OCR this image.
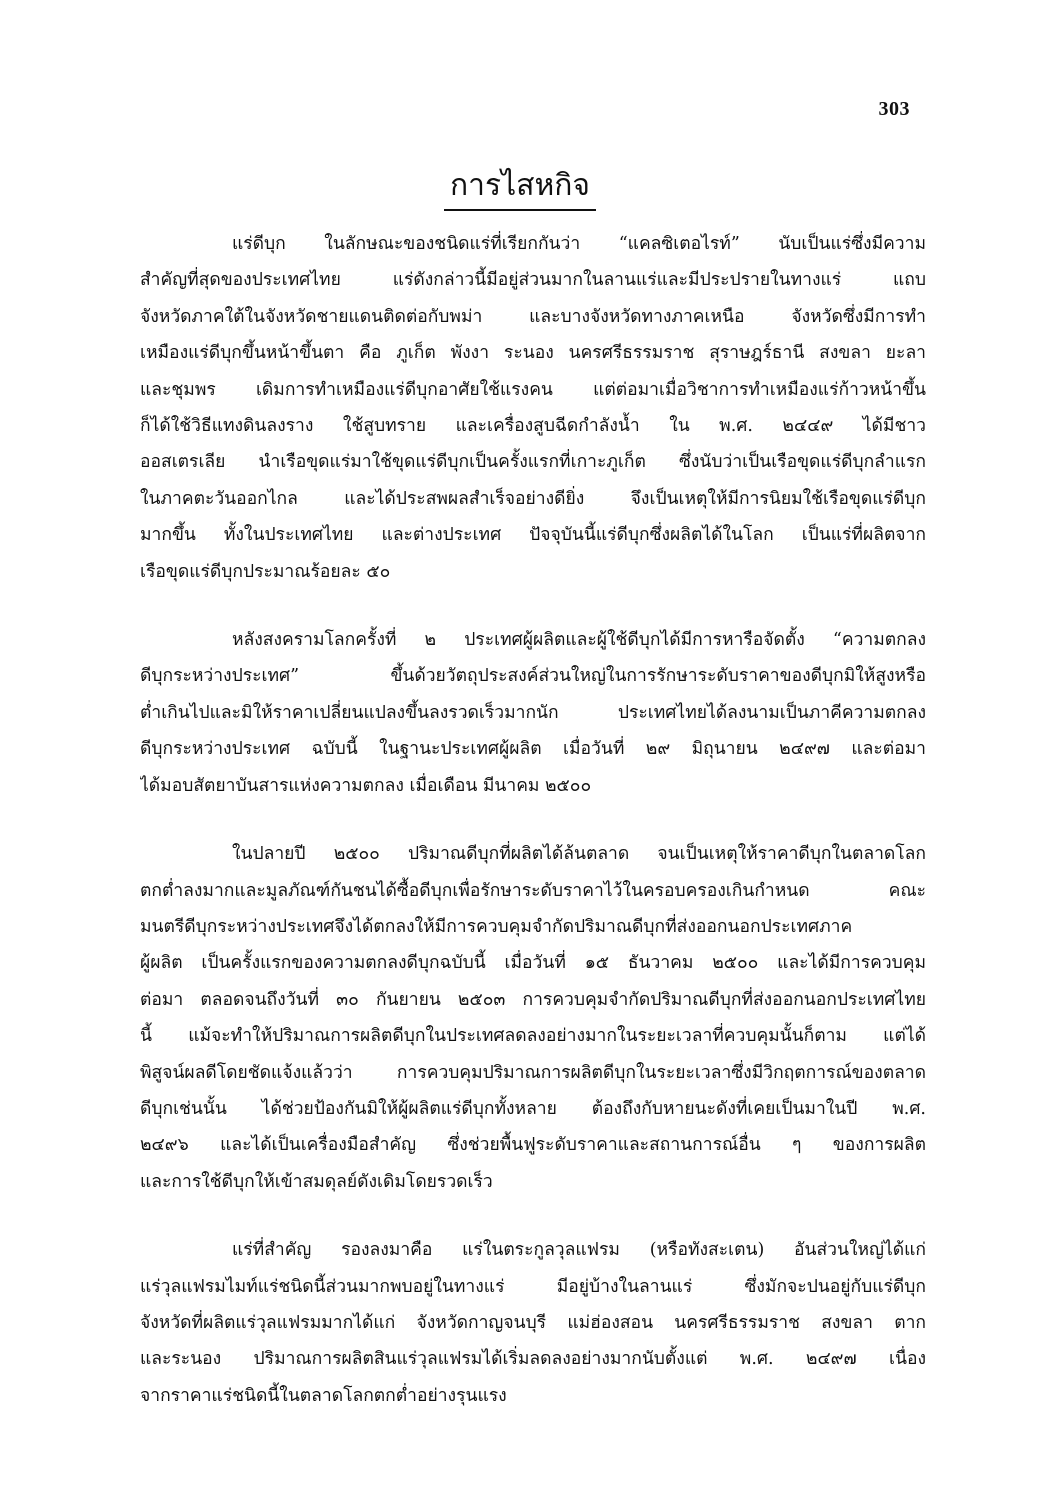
303
การไสหกิจ
แร่ดีบุก ในลักษณะของชนิดแร่ที่เรียกกันว่า “แคลซิเตอไรท์” นับเป็นแร่ซึ่งมีความ
สำคัญที่สุดของประเทศไทย แร่ดังกล่าวนี้มีอยู่ส่วนมากในลานแร่และมีประปรายในทางแร่ แถบ
จังหวัดภาคใต้ในจังหวัดชายแดนติดต่อกับพม่า และบางจังหวัดทางภาคเหนือ จังหวัดซึ่งมีการทำ
เหมืองแร่ดีบุกขึ้นหน้าขึ้นตา คือ ภูเก็ต พังงา ระนอง นครศรีธรรมราช สุราษฎร์ธานี สงขลา ยะลา
และชุมพร เดิมการทำเหมืองแร่ดีบุกอาศัยใช้แรงคน แต่ต่อมาเมื่อวิชาการทำเหมืองแร่ก้าวหน้าขึ้น
ก็ได้ใช้วิธีแทงดินลงราง ใช้สูบทราย และเครื่องสูบฉีดกำลังน้ำ ใน พ.ศ. ๒๔๔๙ ได้มีชาว
ออสเตรเลีย นำเรือขุดแร่มาใช้ขุดแร่ดีบุกเป็นครั้งแรกที่เกาะภูเก็ต ซึ่งนับว่าเป็นเรือขุดแร่ดีบุกลำแรก
ในภาคตะวันออกไกล และได้ประสพผลสำเร็จอย่างดียิ่ง จึงเป็นเหตุให้มีการนิยมใช้เรือขุดแร่ดีบุก
มากขึ้น ทั้งในประเทศไทย และต่างประเทศ ปัจจุบันนี้แร่ดีบุกซึ่งผลิตได้ในโลก เป็นแร่ที่ผลิตจาก
เรือขุดแร่ดีบุกประมาณร้อยละ ๕๐
หลังสงครามโลกครั้งที่ ๒ ประเทศผู้ผลิตและผู้ใช้ดีบุกได้มีการหารือจัดตั้ง “ความตกลง
ดีบุกระหว่างประเทศ” ขึ้นด้วยวัตถุประสงค์ส่วนใหญ่ในการรักษาระดับราคาของดีบุกมิให้สูงหรือ
ต่ำเกินไปและมิให้ราคาเปลี่ยนแปลงขึ้นลงรวดเร็วมากนัก ประเทศไทยได้ลงนามเป็นภาคีความตกลง
ดีบุกระหว่างประเทศ ฉบับนี้ ในฐานะประเทศผู้ผลิต เมื่อวันที่ ๒๙ มิถุนายน ๒๔๙๗ และต่อมา
ได้มอบสัตยาบันสารแห่งความตกลง เมื่อเดือน มีนาคม ๒๕๐๐
ในปลายปี ๒๕๐๐ ปริมาณดีบุกที่ผลิตได้ล้นตลาด จนเป็นเหตุให้ราคาดีบุกในตลาดโลก
ตกต่ำลงมากและมูลภัณฑ์กันชนได้ซื้อดีบุกเพื่อรักษาระดับราคาไว้ในครอบครองเกินกำหนด คณะ
มนตรีดีบุกระหว่างประเทศจึงได้ตกลงให้มีการควบคุมจำกัดปริมาณดีบุกที่ส่งออกนอกประเทศภาค
ผู้ผลิต เป็นครั้งแรกของความตกลงดีบุกฉบับนี้ เมื่อวันที่ ๑๕ ธันวาคม ๒๕๐๐ และได้มีการควบคุม
ต่อมา ตลอดจนถึงวันที่ ๓๐ กันยายน ๒๕๐๓ การควบคุมจำกัดปริมาณดีบุกที่ส่งออกนอกประเทศไทย
นี้ แม้จะทำให้ปริมาณการผลิตดีบุกในประเทศลดลงอย่างมากในระยะเวลาที่ควบคุมนั้นก็ตาม แต่ได้
พิสูจน์ผลดีโดยชัดแจ้งแล้วว่า การควบคุมปริมาณการผลิตดีบุกในระยะเวลาซึ่งมีวิกฤตการณ์ของตลาด
ดีบุกเช่นนั้น ได้ช่วยป้องกันมิให้ผู้ผลิตแร่ดีบุกทั้งหลาย ต้องถึงกับหายนะดังที่เคยเป็นมาในปี พ.ศ.
๒๔๙๖ และได้เป็นเครื่องมือสำคัญ ซึ่งช่วยพื้นฟูระดับราคาและสถานการณ์อื่น ๆ ของการผลิต
และการใช้ดีบุกให้เข้าสมดุลย์ดังเดิมโดยรวดเร็ว
แร่ที่สำคัญ รองลงมาคือ แร่ในตระกูลวุลแฟรม (หรือทังสะเตน) อันส่วนใหญ่ได้แก่
แร่วุลแฟรมไมท์แร่ชนิดนี้ส่วนมากพบอยู่ในทางแร่ มีอยู่บ้างในลานแร่ ซึ่งมักจะปนอยู่กับแร่ดีบุก
จังหวัดที่ผลิตแร่วุลแฟรมมากได้แก่ จังหวัดกาญจนบุรี แม่ฮ่องสอน นครศรีธรรมราช สงขลา ตาก
และระนอง ปริมาณการผลิตสินแร่วุลแฟรมได้เริ่มลดลงอย่างมากนับตั้งแต่ พ.ศ. ๒๔๙๗ เนื่อง
จากราคาแร่ชนิดนี้ในตลาดโลกตกต่ำอย่างรุนแรง
